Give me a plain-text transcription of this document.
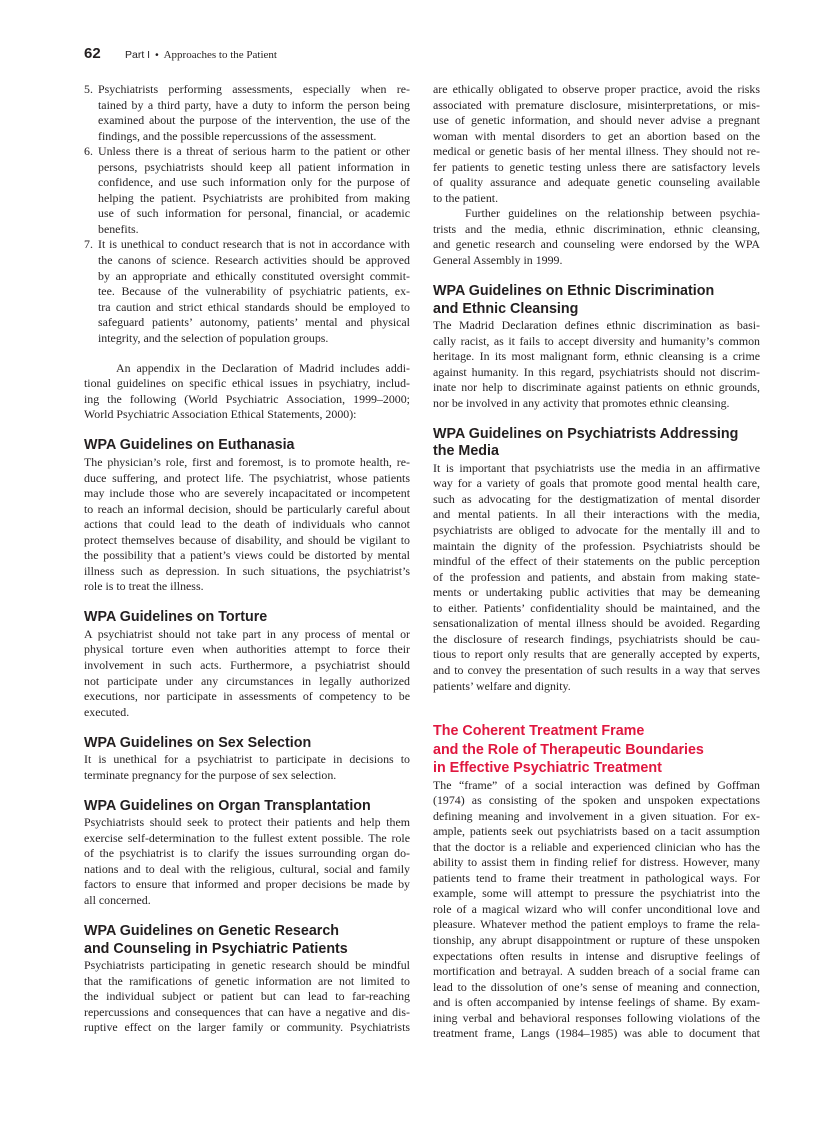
62	Part I • Approaches to the Patient
5. Psychiatrists performing assessments, especially when re-
tained by a third party, have a duty to inform the person being
examined about the purpose of the intervention, the use of the
findings, and the possible repercussions of the assessment.
6. Unless there is a threat of serious harm to the patient or other
persons, psychiatrists should keep all patient information in
confidence, and use such information only for the purpose of
helping the patient. Psychiatrists are prohibited from making
use of such information for personal, financial, or academic
benefits.
7. It is unethical to conduct research that is not in accordance with
the canons of science. Research activities should be approved
by an appropriate and ethically constituted oversight commit-
tee. Because of the vulnerability of psychiatric patients, ex-
tra caution and strict ethical standards should be employed to
safeguard patients’ autonomy, patients’ mental and physical
integrity, and the selection of population groups.
An appendix in the Declaration of Madrid includes addi-
tional guidelines on specific ethical issues in psychiatry, includ-
ing the following (World Psychiatric Association, 1999–2000;
World Psychiatric Association Ethical Statements, 2000):
WPA Guidelines on Euthanasia
The physician’s role, first and foremost, is to promote health, re-
duce suffering, and protect life. The psychiatrist, whose patients
may include those who are severely incapacitated or incompetent
to reach an informal decision, should be particularly careful about
actions that could lead to the death of individuals who cannot
protect themselves because of disability, and should be vigilant to
the possibility that a patient’s views could be distorted by mental
illness such as depression. In such situations, the psychiatrist’s
role is to treat the illness.
WPA Guidelines on Torture
A psychiatrist should not take part in any process of mental or
physical torture even when authorities attempt to force their
involvement in such acts. Furthermore, a psychiatrist should
not participate under any circumstances in legally authorized
executions, nor participate in assessments of competency to be
executed.
WPA Guidelines on Sex Selection
It is unethical for a psychiatrist to participate in decisions to
terminate pregnancy for the purpose of sex selection.
WPA Guidelines on Organ Transplantation
Psychiatrists should seek to protect their patients and help them
exercise self-determination to the fullest extent possible. The role
of the psychiatrist is to clarify the issues surrounding organ do-
nations and to deal with the religious, cultural, social and family
factors to ensure that informed and proper decisions be made by
all concerned.
WPA Guidelines on Genetic Research
and Counseling in Psychiatric Patients
Psychiatrists participating in genetic research should be mindful
that the ramifications of genetic information are not limited to
the individual subject or patient but can lead to far-reaching
repercussions and consequences that can have a negative and dis-
ruptive effect on the larger family or community. Psychiatrists
are ethically obligated to observe proper practice, avoid the risks
associated with premature disclosure, misinterpretations, or mis-
use of genetic information, and should never advise a pregnant
woman with mental disorders to get an abortion based on the
medical or genetic basis of her mental illness. They should not re-
fer patients to genetic testing unless there are satisfactory levels
of quality assurance and adequate genetic counseling available
to the patient.
Further guidelines on the relationship between psychia-
trists and the media, ethnic discrimination, ethnic cleansing,
and genetic research and counseling were endorsed by the WPA
General Assembly in 1999.
WPA Guidelines on Ethnic Discrimination
and Ethnic Cleansing
The Madrid Declaration defines ethnic discrimination as basi-
cally racist, as it fails to accept diversity and humanity’s common
heritage. In its most malignant form, ethnic cleansing is a crime
against humanity. In this regard, psychiatrists should not discrim-
inate nor help to discriminate against patients on ethnic grounds,
nor be involved in any activity that promotes ethnic cleansing.
WPA Guidelines on Psychiatrists Addressing
the Media
It is important that psychiatrists use the media in an affirmative
way for a variety of goals that promote good mental health care,
such as advocating for the destigmatization of mental disorder
and mental patients. In all their interactions with the media,
psychiatrists are obliged to advocate for the mentally ill and to
maintain the dignity of the profession. Psychiatrists should be
mindful of the effect of their statements on the public perception
of the profession and patients, and abstain from making state-
ments or undertaking public activities that may be demeaning
to either. Patients’ confidentiality should be maintained, and the
sensationalization of mental illness should be avoided. Regarding
the disclosure of research findings, psychiatrists should be cau-
tious to report only results that are generally accepted by experts,
and to convey the presentation of such results in a way that serves
patients’ welfare and dignity.
The Coherent Treatment Frame
and the Role of Therapeutic Boundaries
in Effective Psychiatric Treatment
The “frame” of a social interaction was defined by Goffman
(1974) as consisting of the spoken and unspoken expectations
defining meaning and involvement in a given situation. For ex-
ample, patients seek out psychiatrists based on a tacit assumption
that the doctor is a reliable and experienced clinician who has the
ability to assist them in finding relief for distress. However, many
patients tend to frame their treatment in pathological ways. For
example, some will attempt to pressure the psychiatrist into the
role of a magical wizard who will confer unconditional love and
pleasure. Whatever method the patient employs to frame the rela-
tionship, any abrupt disappointment or rupture of these unspoken
expectations often results in intense and disruptive feelings of
mortification and betrayal. A sudden breach of a social frame can
lead to the dissolution of one’s sense of meaning and connection,
and is often accompanied by intense feelings of shame. By exam-
ining verbal and behavioral responses following violations of the
treatment frame, Langs (1984–1985) was able to document that
